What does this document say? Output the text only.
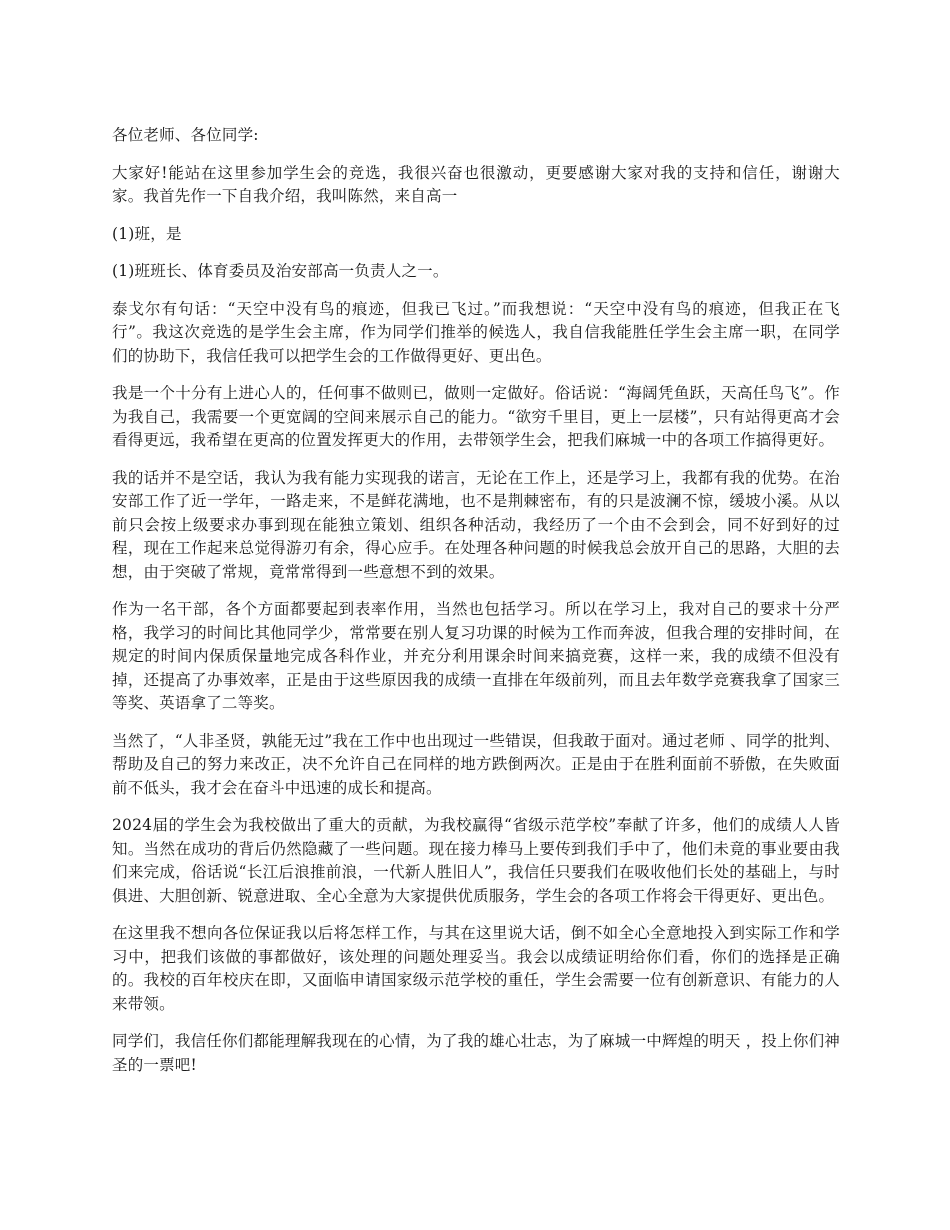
各位老师、各位同学:

大家好!能站在这里参加学生会的竞选，我很兴奋也很激动，更要感谢大家对我的支持和信任，谢谢大家。我首先作一下自我介绍，我叫陈然，来自高一

(1)班，是

(1)班班长、体育委员及治安部高一负责人之一。

泰戈尔有句话：“天空中没有鸟的痕迹，但我已飞过。”而我想说：“天空中没有鸟的痕迹，但我正在飞行”。我这次竞选的是学生会主席，作为同学们推举的候选人，我自信我能胜任学生会主席一职，在同学们的协助下，我信任我可以把学生会的工作做得更好、更出色。

我是一个十分有上进心人的，任何事不做则已，做则一定做好。俗话说：“海阔凭鱼跃，天高任鸟飞”。作为我自己，我需要一个更宽阔的空间来展示自己的能力。“欲穷千里目，更上一层楼”，只有站得更高才会看得更远，我希望在更高的位置发挥更大的作用，去带领学生会，把我们麻城一中的各项工作搞得更好。

我的话并不是空话，我认为我有能力实现我的诺言，无论在工作上，还是学习上，我都有我的优势。在治安部工作了近一学年，一路走来，不是鲜花满地，也不是荆棘密布，有的只是波澜不惊，缓坡小溪。从以前只会按上级要求办事到现在能独立策划、组织各种活动，我经历了一个由不会到会，同不好到好的过程，现在工作起来总觉得游刃有余，得心应手。在处理各种问题的时候我总会放开自己的思路，大胆的去想，由于突破了常规，竟常常得到一些意想不到的效果。

作为一名干部，各个方面都要起到表率作用，当然也包括学习。所以在学习上，我对自己的要求十分严格，我学习的时间比其他同学少，常常要在别人复习功课的时候为工作而奔波，但我合理的安排时间，在规定的时间内保质保量地完成各科作业，并充分利用课余时间来搞竞赛，这样一来，我的成绩不但没有掉，还提高了办事效率，正是由于这些原因我的成绩一直排在年级前列，而且去年数学竞赛我拿了国家三等奖、英语拿了二等奖。

当然了，“人非圣贤，孰能无过”我在工作中也出现过一些错误，但我敢于面对。通过老师 、同学的批判、帮助及自己的努力来改正，决不允许自己在同样的地方跌倒两次。正是由于在胜利面前不骄傲，在失败面前不低头，我才会在奋斗中迅速的成长和提高。

2024届的学生会为我校做出了重大的贡献，为我校赢得“省级示范学校”奉献了许多，他们的成绩人人皆知。当然在成功的背后仍然隐藏了一些问题。现在接力棒马上要传到我们手中了，他们未竟的事业要由我们来完成，俗话说“长江后浪推前浪，一代新人胜旧人”，我信任只要我们在吸收他们长处的基础上，与时俱进、大胆创新、锐意进取、全心全意为大家提供优质服务，学生会的各项工作将会干得更好、更出色。

在这里我不想向各位保证我以后将怎样工作，与其在这里说大话，倒不如全心全意地投入到实际工作和学习中，把我们该做的事都做好，该处理的问题处理妥当。我会以成绩证明给你们看，你们的选择是正确的。我校的百年校庆在即，又面临申请国家级示范学校的重任，学生会需要一位有创新意识、有能力的人来带领。

同学们，我信任你们都能理解我现在的心情，为了我的雄心壮志，为了麻城一中辉煌的明天 ，投上你们神圣的一票吧!
